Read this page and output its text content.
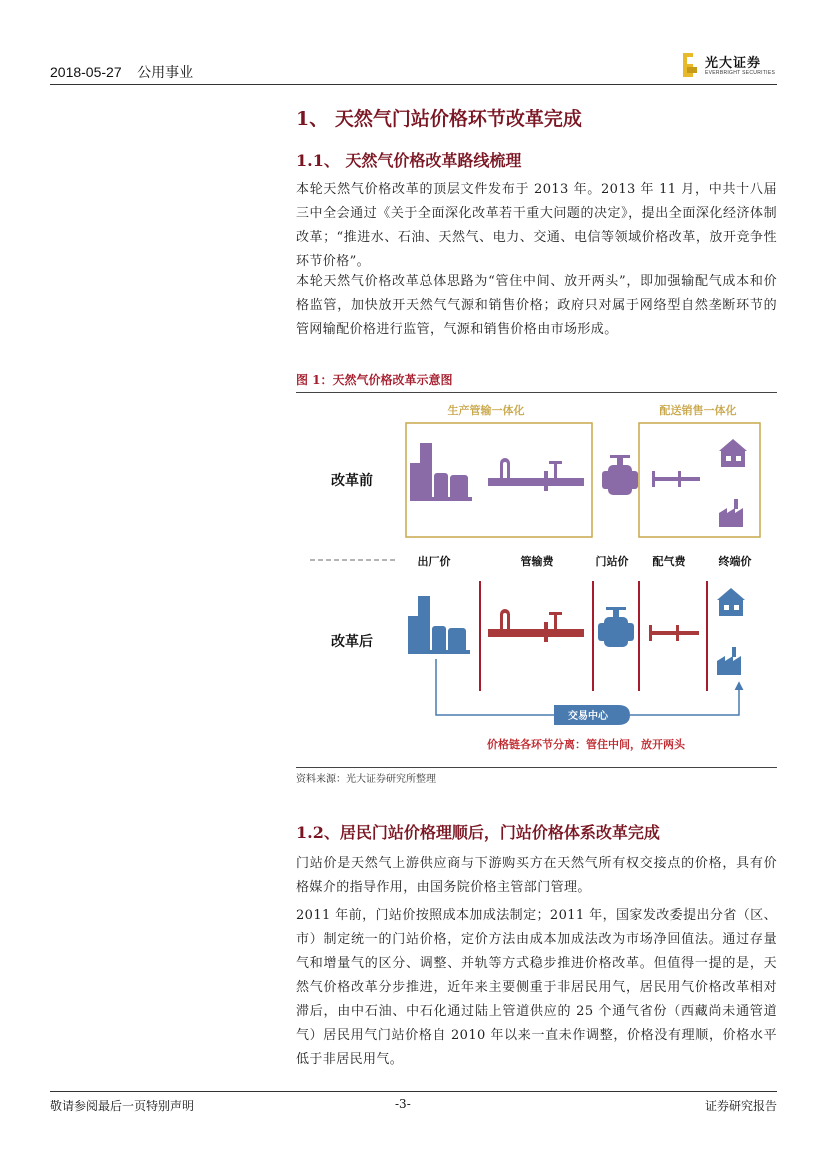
2018-05-27    公用事业
光大证券
EVERBRIGHT SECURITIES
1、 天然气门站价格环节改革完成
1.1、 天然气价格改革路线梳理
本轮天然气价格改革的顶层文件发布于 2013 年。2013 年 11 月，中共十八届三中全会通过《关于全面深化改革若干重大问题的决定》，提出全面深化经济体制改革；“推进水、石油、天然气、电力、交通、电信等领域价格改革，放开竞争性环节价格”。
本轮天然气价格改革总体思路为“管住中间、放开两头”，即加强输配气成本和价格监管，加快放开天然气气源和销售价格；政府只对属于网络型自然垄断环节的管网输配价格进行监管，气源和销售价格由市场形成。
图 1：天然气价格改革示意图
生产管输一体化	配送销售一体化
改革前
改革后
出厂价	管输费	门站价 配气费	终端价
交易中心
价格链各环节分离：管住中间，放开两头
资料来源：光大证券研究所整理
1.2、居民门站价格理顺后，门站价格体系改革完成
门站价是天然气上游供应商与下游购买方在天然气所有权交接点的价格，具有价格媒介的指导作用，由国务院价格主管部门管理。
2011 年前，门站价按照成本加成法制定；2011 年，国家发改委提出分省（区、市）制定统一的门站价格，定价方法由成本加成法改为市场净回值法。通过存量气和增量气的区分、调整、并轨等方式稳步推进价格改革。但值得一提的是，天然气价格改革分步推进，近年来主要侧重于非居民用气，居民用气价格改革相对滞后，由中石油、中石化通过陆上管道供应的 25 个通气省份（西藏尚未通管道气）居民用气门站价格自 2010 年以来一直未作调整，价格没有理顺，价格水平低于非居民用气。
敬请参阅最后一页特别声明	-3-	证券研究报告
